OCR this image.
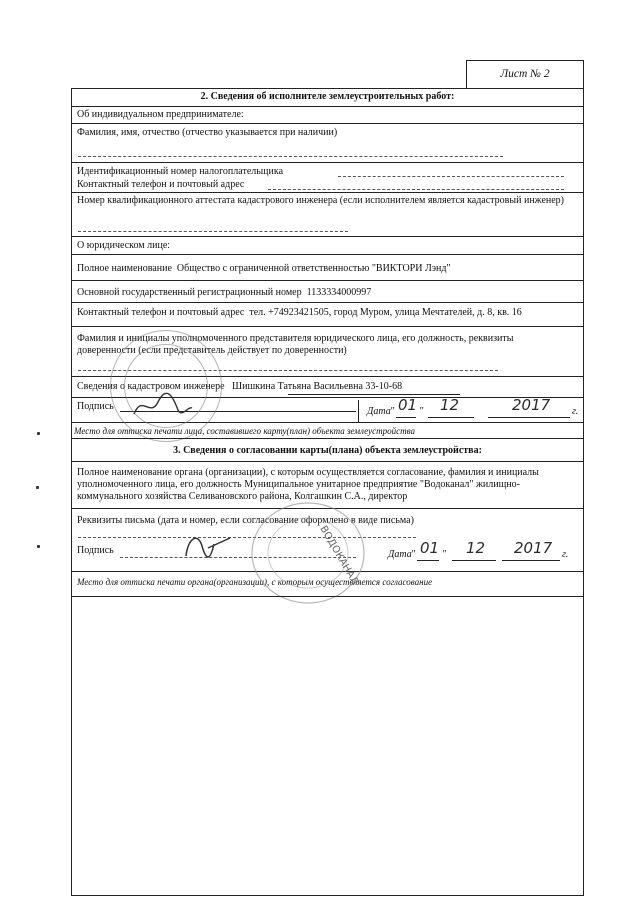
Лист № 2
2. Сведения об исполнителе землеустроительных работ:
Об индивидуальном предпринимателе:
Фамилия, имя, отчество (отчество указывается при наличии)
Идентификационный номер налогоплательщика
Контактный телефон и почтовый адрес
Номер квалификационного аттестата кадастрового инженера (если исполнителем является кадастровый инженер)
О юридическом лице:
Полное наименование Общество с ограниченной ответственностью "ВИКТОРИ Лэнд"
Основной государственный регистрационный номер 1133334000997
Контактный телефон и почтовый адрес тел. +74923421505, город Муром, улица Мечтателей, д. 8, кв. 16
Фамилия и инициалы уполномоченного представителя юридического лица, его должность, реквизиты доверенности (если представитель действует по доверенности)
Сведения о кадастровом инженере Шишкина Татьяна Васильевна 33-10-68
Подпись	Дата " 01 " 12	2017 г.
Место для оттиска печати лица, составившего карту(план) объекта землеустройства
3. Сведения о согласовании карты(плана) объекта землеустройства:
Полное наименование органа (организации), с которым осуществляется согласование, фамилия и инициалы уполномоченного лица, его должность Муниципальное унитарное предприятие "Водоканал" жилищно-коммунального хозяйства Селивановского района, Колгашкин С.А., директор
Реквизиты письма (дата и номер, если согласование оформлено в виде письма)
Подпись	Дата " 01 " 12 2017 г.
Место для оттиска печати органа(организации), с которым осуществляется согласование
ВОДОКАНАЛ
